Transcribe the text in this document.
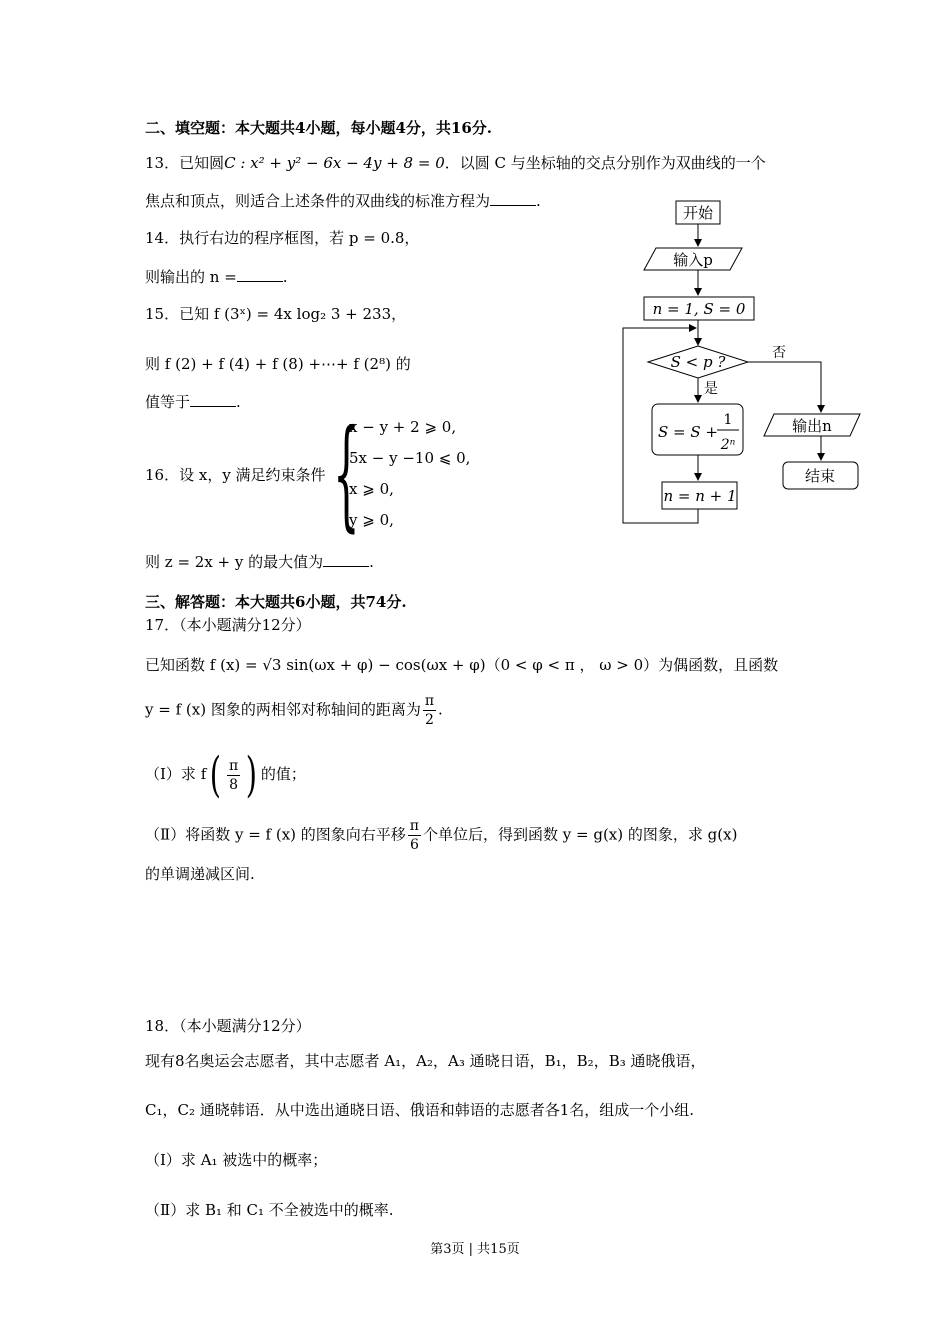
二、填空题：本大题共4小题，每小题4分，共16分.
13．已知圆C : x² + y² − 6x − 4y + 8 = 0．以圆 C 与坐标轴的交点分别作为双曲线的一个
焦点和顶点，则适合上述条件的双曲线的标准方程为	.
14．执行右边的程序框图，若 p = 0.8，
则输出的 n =	.
15．已知 f (3ˣ) = 4x log₂ 3 + 233，
则 f (2) + f (4) + f (8) +⋯+ f (2⁸) 的
值等于	.
16．设 x，y 满足约束条件 {
x − y + 2 ⩾ 0,
5x − y −10 ⩽ 0,
x ⩾ 0,
y ⩾ 0,
则 z = 2x + y 的最大值为	.
开始
输入p
n = 1, S = 0
S < p ?	否
是
S = S +
1
2ⁿ
n = n + 1
输出n
结束
三、解答题：本大题共6小题，共74分.
17．（本小题满分12分）
已知函数 f (x) = √3 sin(ωx + φ) − cos(ωx + φ)（0 < φ < π ， ω > 0）为偶函数，且函数
y = f (x) 图象的两相邻对称轴间的距离为 $\frac{\pi}{2}$ .
（Ⅰ）求 $f( \frac{\pi}{8}$ ) 的值；
（Ⅱ）将函数 y = f (x) 的图象向右平移 $\frac{\pi}{6}$ 个单位后，得到函数 y = g(x) 的图象，求 g(x)
的单调递减区间.
18．（本小题满分12分）
现有8名奥运会志愿者，其中志愿者 A₁，A₂，A₃ 通晓日语，B₁，B₂，B₃ 通晓俄语，
C₁，C₂ 通晓韩语．从中选出通晓日语、俄语和韩语的志愿者各1名，组成一个小组.
（Ⅰ）求 A₁ 被选中的概率；
（Ⅱ）求 B₁ 和 C₁ 不全被选中的概率.
第3页 | 共15页
